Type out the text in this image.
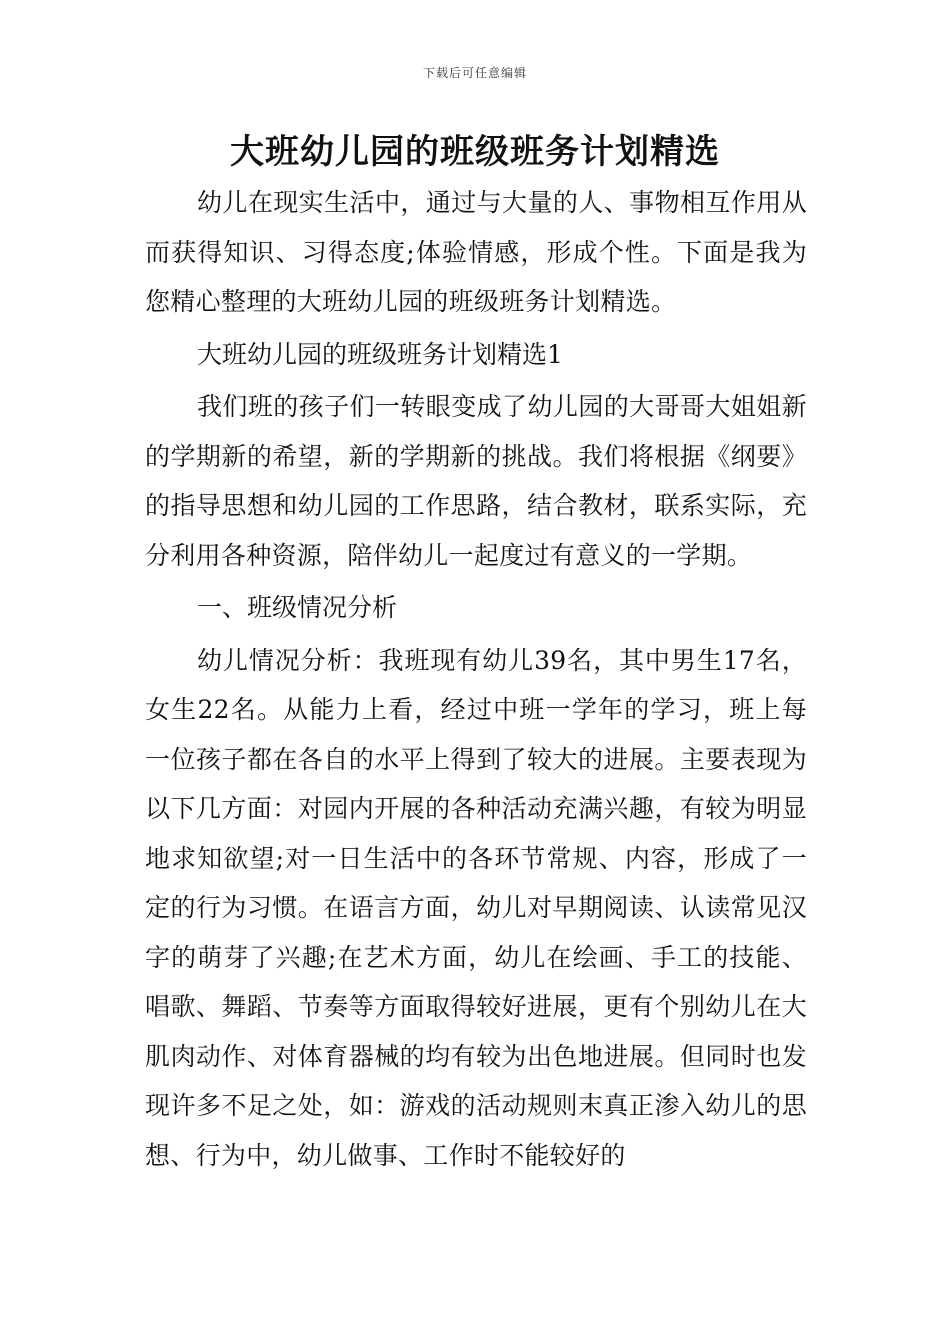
下载后可任意编辑
大班幼儿园的班级班务计划精选

幼儿在现实生活中，通过与大量的人、事物相互作用从而获得知识、习得态度;体验情感，形成个性。下面是我为您精心整理的大班幼儿园的班级班务计划精选。

大班幼儿园的班级班务计划精选1

我们班的孩子们一转眼变成了幼儿园的大哥哥大姐姐新的学期新的希望，新的学期新的挑战。我们将根据《纲要》的指导思想和幼儿园的工作思路，结合教材，联系实际，充分利用各种资源，陪伴幼儿一起度过有意义的一学期。

一、班级情况分析

幼儿情况分析：我班现有幼儿39名，其中男生17名，女生22名。从能力上看，经过中班一学年的学习，班上每一位孩子都在各自的水平上得到了较大的进展。主要表现为以下几方面：对园内开展的各种活动充满兴趣，有较为明显地求知欲望;对一日生活中的各环节常规、内容，形成了一定的行为习惯。在语言方面，幼儿对早期阅读、认读常见汉字的萌芽了兴趣;在艺术方面，幼儿在绘画、手工的技能、唱歌、舞蹈、节奏等方面取得较好进展，更有个别幼儿在大肌肉动作、对体育器械的均有较为出色地进展。但同时也发现许多不足之处，如：游戏的活动规则末真正渗入幼儿的思想、行为中，幼儿做事、工作时不能较好的
